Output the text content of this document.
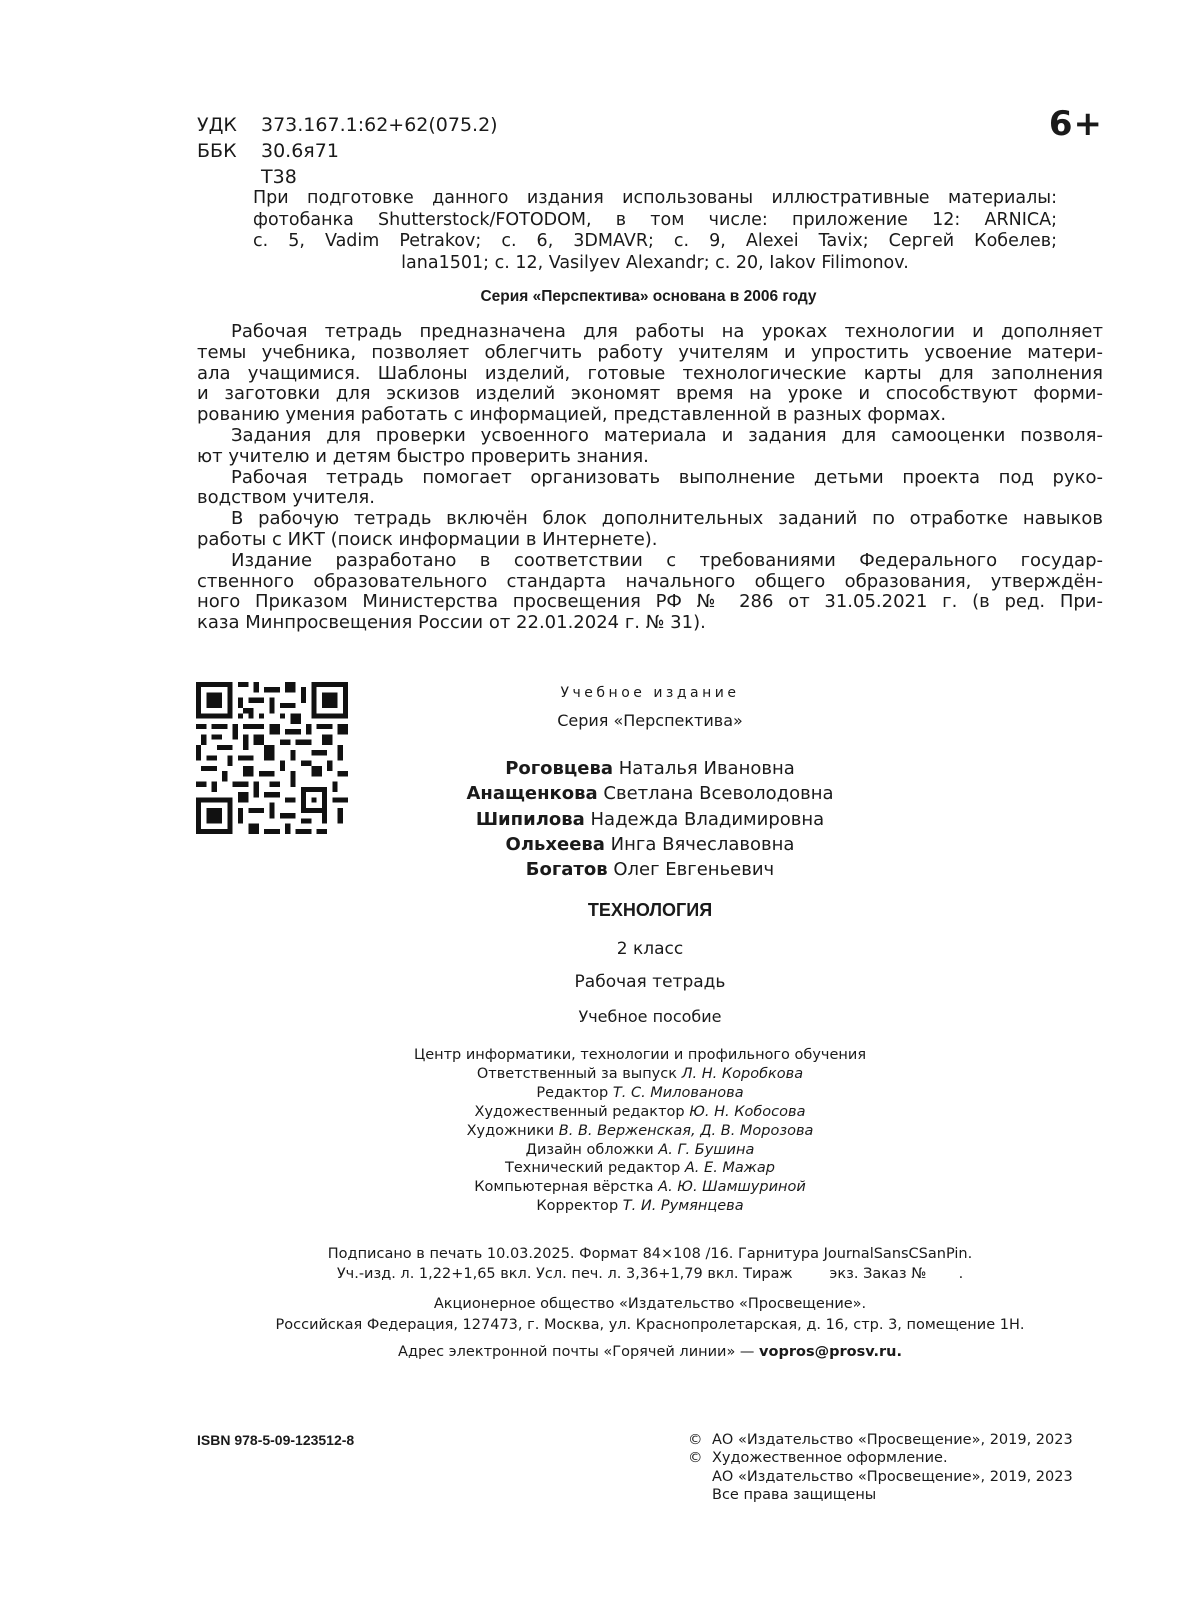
УДК	373.167.1:62+62(075.2)
ББК	30.6я71
Т38
6+
При подготовке данного издания использованы иллюстративные материалы:
фотобанка Shutterstock/FOTODOM, в том числе: приложение 12: ARNICA;
с. 5, Vadim Petrakov; с. 6, 3DMAVR; с. 9, Alexei Tavix; Сергей Кобелев;
lana1501; с. 12, Vasilyev Alexandr; с. 20, Iakov Filimonov.
Серия «Перспектива» основана в 2006 году
Рабочая тетрадь предназначена для работы на уроках технологии и дополняет
темы учебника, позволяет облегчить работу учителям и упростить усвоение матери-
ала учащимися. Шаблоны изделий, готовые технологические карты для заполнения
и заготовки для эскизов изделий экономят время на уроке и способствуют форми-
рованию умения работать с информацией, представленной в разных формах.
Задания для проверки усвоенного материала и задания для самооценки позволя-
ют учителю и детям быстро проверить знания.
Рабочая тетрадь помогает организовать выполнение детьми проекта под руко-
водством учителя.
В рабочую тетрадь включён блок дополнительных заданий по отработке навыков
работы с ИКТ (поиск информации в Интернете).
Издание разработано в соответствии с требованиями Федерального государ-
ственного образовательного стандарта начального общего образования, утверждён-
ного Приказом Министерства просвещения РФ № 286 от 31.05.2021 г. (в ред. При-
каза Минпросвещения России от 22.01.2024 г. № 31).
Учебное издание
Серия «Перспектива»
Роговцева Наталья Ивановна
Анащенкова Светлана Всеволодовна
Шипилова Надежда Владимировна
Ольхеева Инга Вячеславовна
Богатов Олег Евгеньевич
ТЕХНОЛОГИЯ
2 класс
Рабочая тетрадь
Учебное пособие
Центр информатики, технологии и профильного обучения
Ответственный за выпуск Л. Н. Коробкова
Редактор Т. С. Милованова
Художественный редактор Ю. Н. Кобосова
Художники В. В. Верженская, Д. В. Морозова
Дизайн обложки А. Г. Бушина
Технический редактор А. Е. Мажар
Компьютерная вёрстка А. Ю. Шамшуриной
Корректор Т. И. Румянцева
Подписано в печать 10.03.2025. Формат 84×108 /16. Гарнитура JournalSansCSanPin.
Уч.-изд. л. 1,22+1,65 вкл. Усл. печ. л. 3,36+1,79 вкл. Тираж        экз. Заказ №       .
Акционерное общество «Издательство «Просвещение».
Российская Федерация, 127473, г. Москва, ул. Краснопролетарская, д. 16, стр. 3, помещение 1Н.
Адрес электронной почты «Горячей линии» — vopros@prosv.ru.
ISBN 978-5-09-123512-8	© АО «Издательство «Просвещение», 2019, 2023
© Художественное оформление.
АО «Издательство «Просвещение», 2019, 2023
Все права защищены
